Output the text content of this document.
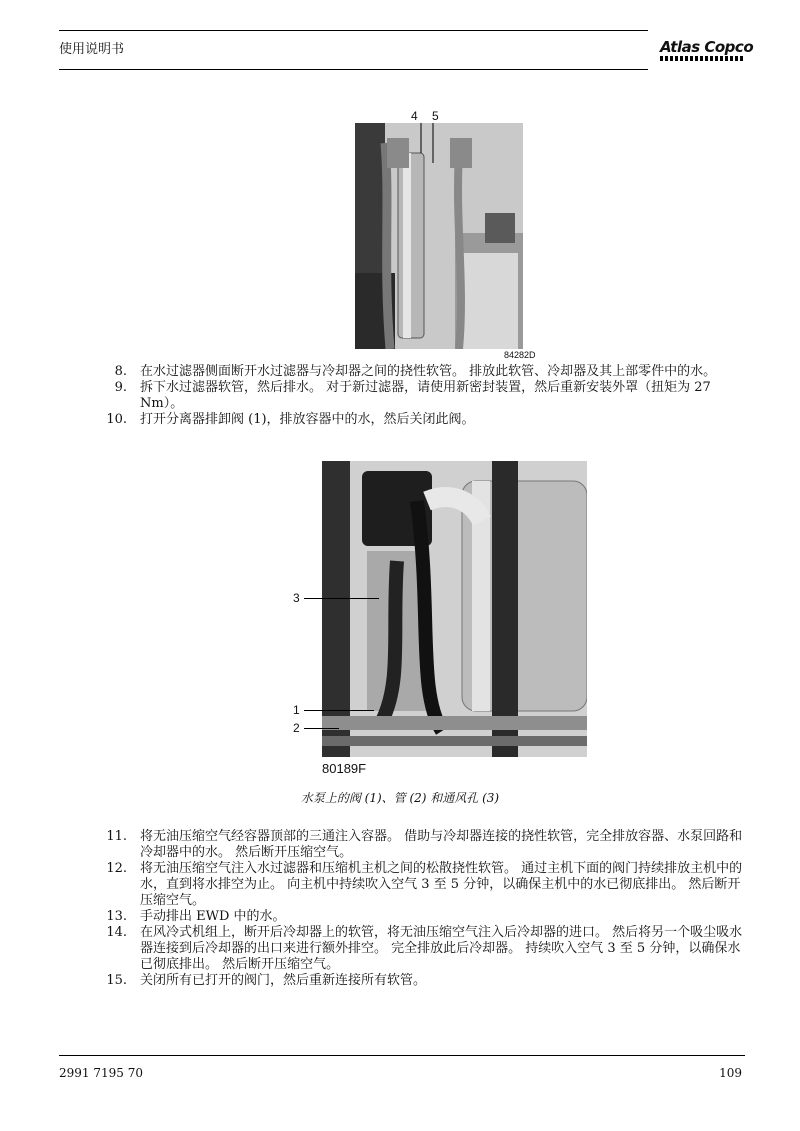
使用说明书	Atlas Copco
4 5
84282D
8. 在水过滤器侧面断开水过滤器与冷却器之间的挠性软管。 排放此软管、冷却器及其上部零件中的水。
9. 拆下水过滤器软管，然后排水。 对于新过滤器，请使用新密封装置，然后重新安装外罩（扭矩为 27 Nm）。
10. 打开分离器排卸阀 (1)，排放容器中的水，然后关闭此阀。
3
1
2
80189F
水泵上的阀 (1)、管 (2) 和通风孔 (3)
11. 将无油压缩空气经容器顶部的三通注入容器。 借助与冷却器连接的挠性软管，完全排放容器、水泵回路和冷却器中的水。 然后断开压缩空气。
12. 将无油压缩空气注入水过滤器和压缩机主机之间的松散挠性软管。 通过主机下面的阀门持续排放主机中的水，直到将水排空为止。 向主机中持续吹入空气 3 至 5 分钟，以确保主机中的水已彻底排出。 然后断开压缩空气。
13. 手动排出 EWD 中的水。
14. 在风冷式机组上，断开后冷却器上的软管，将无油压缩空气注入后冷却器的进口。 然后将另一个吸尘吸水器连接到后冷却器的出口来进行额外排空。 完全排放此后冷却器。 持续吹入空气 3 至 5 分钟，以确保水已彻底排出。 然后断开压缩空气。
15. 关闭所有已打开的阀门，然后重新连接所有软管。
2991 7195 70	109
